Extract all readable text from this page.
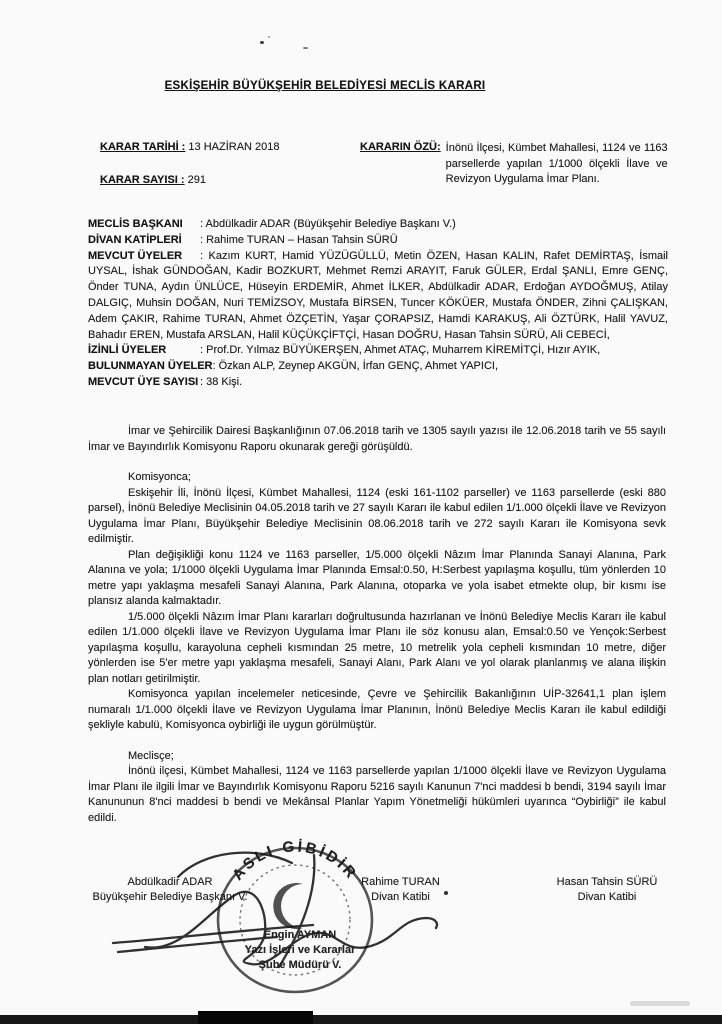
ESKİŞEHİR BÜYÜKŞEHİR BELEDİYESİ MECLİS KARARI
KARAR TARİHİ : 13 HAZİRAN 2018
KARAR SAYISI : 291
KARARIN ÖZÜ: İnönü İlçesi, Kümbet Mahallesi, 1124 ve 1163 parsellerde yapılan 1/1000 ölçekli İlave ve Revizyon Uygulama İmar Planı.

MECLİS BAŞKANI : Abdülkadir ADAR (Büyükşehir Belediye Başkanı V.)

DİVAN KATİPLERİ : Rahime TURAN – Hasan Tahsin SÜRÜ

MEVCUT ÜYELER : Kazım KURT, Hamid YÜZÜGÜLLÜ, Metin ÖZEN, Hasan KALIN, Rafet DEMİRTAŞ, İsmail UYSAL, İshak GÜNDOĞAN, Kadir BOZKURT, Mehmet Remzi ARAYIT, Faruk GÜLER, Erdal ŞANLI, Emre GENÇ, Önder TUNA, Aydın ÜNLÜCE, Hüseyin ERDEMİR, Ahmet İLKER, Abdülkadir ADAR, Erdoğan AYDOĞMUŞ, Atilay DALGIÇ, Muhsin DOĞAN, Nuri TEMİZSOY, Mustafa BİRSEN, Tuncer KÖKÜER, Mustafa ÖNDER, Zihni ÇALIŞKAN, Adem ÇAKIR, Rahime TURAN, Ahmet ÖZÇETİN, Yaşar ÇORAPSIZ, Hamdi KARAKUŞ, Ali ÖZTÜRK, Halil YAVUZ, Bahadır EREN, Mustafa ARSLAN, Halil KÜÇÜKÇİFTÇİ, Hasan DOĞRU, Hasan Tahsin SÜRÜ, Ali CEBECİ,

İZİNLİ ÜYELER	: Prof.Dr. Yılmaz BÜYÜKERŞEN, Ahmet ATAÇ, Muharrem KİREMİTÇİ, Hızır AYIK,

BULUNMAYAN ÜYELER: Özkan ALP, Zeynep AKGÜN, İrfan GENÇ, Ahmet YAPICI,

MEVCUT ÜYE SAYISI : 38 Kişi.

İmar ve Şehircilik Dairesi Başkanlığının 07.06.2018 tarih ve 1305 sayılı yazısı ile 12.06.2018 tarih ve 55 sayılı İmar ve Bayındırlık Komisyonu Raporu okunarak gereği görüşüldü.

Komisyonca;

Eskişehir İli, İnönü İlçesi, Kümbet Mahallesi, 1124 (eski 161-1102 parseller) ve 1163 parsellerde (eski 880 parsel), İnönü Belediye Meclisinin 04.05.2018 tarih ve 27 sayılı Kararı ile kabul edilen 1/1.000 ölçekli İlave ve Revizyon Uygulama İmar Planı, Büyükşehir Belediye Meclisinin 08.06.2018 tarih ve 272 sayılı Kararı ile Komisyona sevk edilmiştir.

Plan değişikliği konu 1124 ve 1163 parseller, 1/5.000 ölçekli Nâzım İmar Planında Sanayi Alanına, Park Alanına ve yola; 1/1000 ölçekli Uygulama İmar Planında Emsal:0.50, H:Serbest yapılaşma koşullu, tüm yönlerden 10 metre yapı yaklaşma mesafeli Sanayi Alanına, Park Alanına, otoparka ve yola isabet etmekte olup, bir kısmı ise plansız alanda kalmaktadır.

1/5.000 ölçekli Nâzım İmar Planı kararları doğrultusunda hazırlanan ve İnönü Belediye Meclis Kararı ile kabul edilen 1/1.000 ölçekli İlave ve Revizyon Uygulama İmar Planı ile söz konusu alan, Emsal:0.50 ve Yençok:Serbest yapılaşma koşullu, karayoluna cepheli kısmından 25 metre, 10 metrelik yola cepheli kısmından 10 metre, diğer yönlerden ise 5'er metre yapı yaklaşma mesafeli, Sanayi Alanı, Park Alanı ve yol olarak planlanmış ve alana ilişkin plan notları getirilmiştir.

Komisyonca yapılan incelemeler neticesinde, Çevre ve Şehircilik Bakanlığının UİP-32641,1 plan işlem numaralı 1/1.000 ölçekli İlave ve Revizyon Uygulama İmar Planının, İnönü Belediye Meclis Kararı ile kabul edildiği şekliyle kabulü, Komisyonca oybirliği ile uygun görülmüştür.

Meclisçe;

İnönü ilçesi, Kümbet Mahallesi, 1124 ve 1163 parsellerde yapılan 1/1000 ölçekli İlave ve Revizyon Uygulama İmar Planı ile ilgili İmar ve Bayındırlık Komisyonu Raporu 5216 sayılı Kanunun 7'nci maddesi b bendi, 3194 sayılı İmar Kanununun 8'nci maddesi b bendi ve Mekânsal Planlar Yapım Yönetmeliği hükümleri uyarınca “Oybirliği” ile kabul edildi.

ASLI GİBİDİR
Abdülkadir ADAR
Büyükşehir Belediye Başkanı V.
Rahime TURAN
Divan Katibi
Hasan Tahsin SÜRÜ
Divan Katibi
Engin AYMAN
Yazı İşleri ve Kararlar
Şube Müdürü V.
